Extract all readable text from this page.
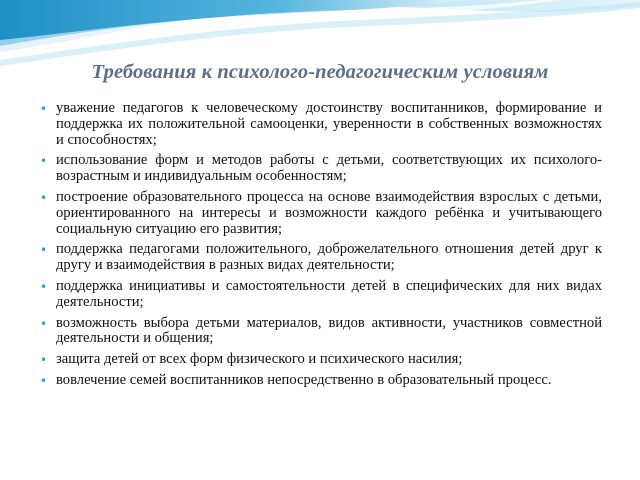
Требования к психолого-педагогическим условиям
• уважение педагогов к человеческому достоинству воспитанников, формирование и поддержка их положительной самооценки, уверенности в собственных возможностях и способностях;
• использование форм и методов работы с детьми, соответствующих их психолого-возрастным и индивидуальным особенностям;
• построение образовательного процесса на основе взаимодействия взрослых с детьми, ориентированного на интересы и возможности каждого ребёнка и учитывающего социальную ситуацию его развития;
• поддержка педагогами положительного, доброжелательного отношения детей друг к другу и взаимодействия в разных видах деятельности;
• поддержка инициативы и самостоятельности детей в специфических для них видах деятельности;
• возможность выбора детьми материалов, видов активности, участников совместной деятельности и общения;
• защита детей от всех форм физического и психического насилия;
• вовлечение семей воспитанников непосредственно в образовательный процесс.
